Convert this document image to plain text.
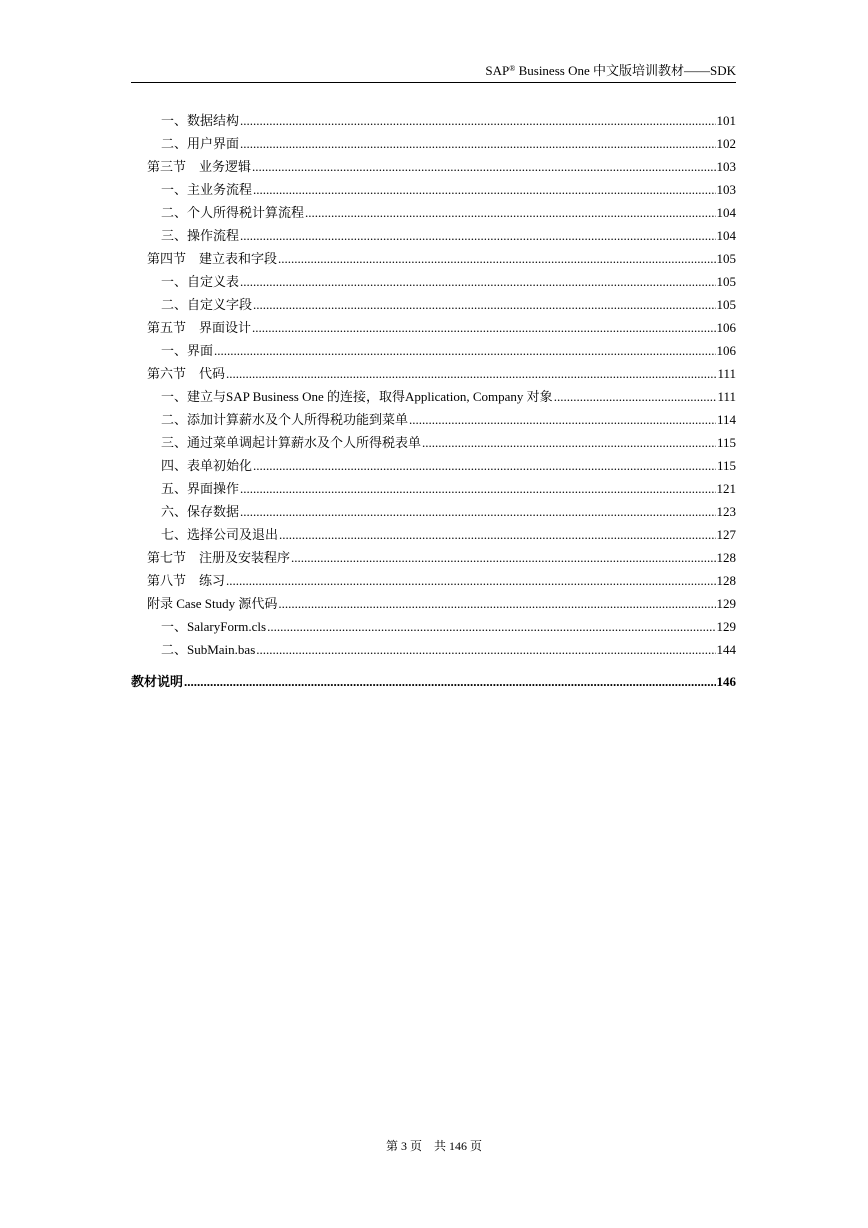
SAP® Business One 中文版培训教材——SDK
一、数据结构 .....	101
二、用户界面 .....	102
第三节　业务逻辑 .....	103
一、主业务流程 .....	103
二、个人所得税计算流程 .....	104
三、操作流程 .....	104
第四节　建立表和字段 .....	105
一、自定义表 .....	105
二、自定义字段 .....	105
第五节　界面设计 .....	106
一、界面 .....	106
第六节　代码 .....	111
一、建立与SAP Business One 的连接，取得Application, Company 对象 .....	111
二、添加计算薪水及个人所得税功能到菜单 .....	114
三、通过菜单调起计算薪水及个人所得税表单 .....	115
四、表单初始化 .....	115
五、界面操作 .....	121
六、保存数据 .....	123
七、选择公司及退出 .....	127
第七节　注册及安装程序 .....	128
第八节　练习 .....	128
附录 Case Study 源代码 .....	129
一、SalaryForm.cls .....	129
二、SubMain.bas .....	144
教材说明 .....	146
第 3 页　共 146 页
